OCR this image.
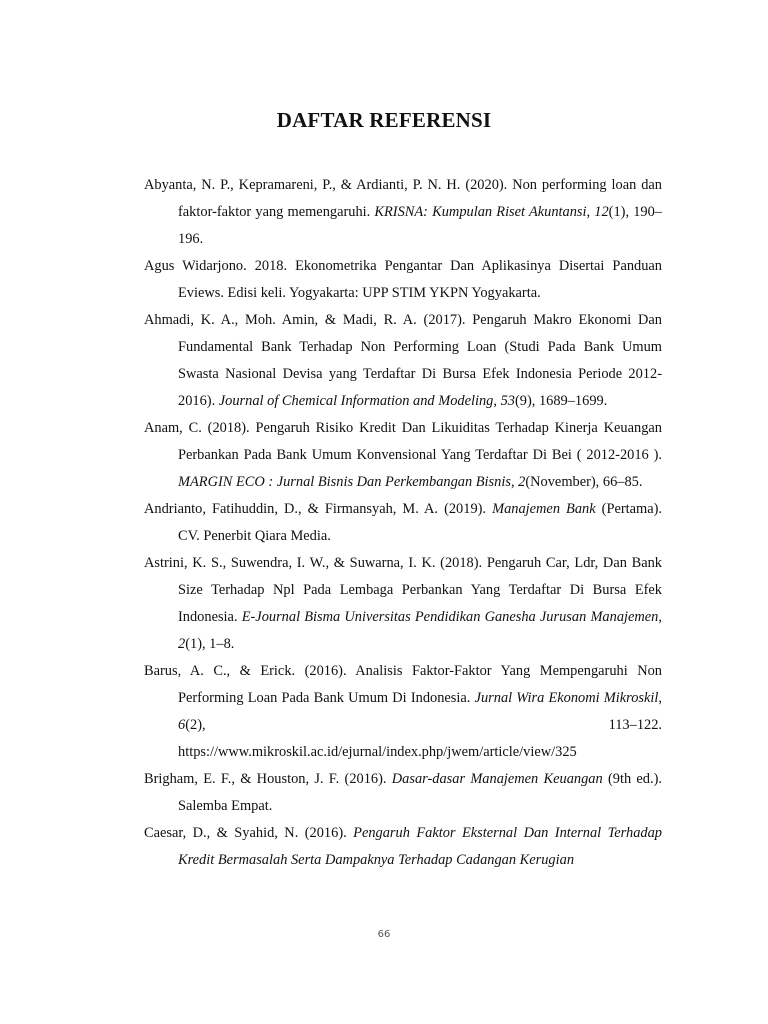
DAFTAR REFERENSI

Abyanta, N. P., Kepramareni, P., & Ardianti, P. N. H. (2020). Non performing loan dan faktor-faktor yang memengaruhi. KRISNA: Kumpulan Riset Akuntansi, 12(1), 190–196.

Agus Widarjono. 2018. Ekonometrika Pengantar Dan Aplikasinya Disertai Panduan Eviews. Edisi keli. Yogyakarta: UPP STIM YKPN Yogyakarta.

Ahmadi, K. A., Moh. Amin, & Madi, R. A. (2017). Pengaruh Makro Ekonomi Dan Fundamental Bank Terhadap Non Performing Loan (Studi Pada Bank Umum Swasta Nasional Devisa yang Terdaftar Di Bursa Efek Indonesia Periode 2012-2016). Journal of Chemical Information and Modeling, 53(9), 1689–1699.

Anam, C. (2018). Pengaruh Risiko Kredit Dan Likuiditas Terhadap Kinerja Keuangan Perbankan Pada Bank Umum Konvensional Yang Terdaftar Di Bei ( 2012-2016 ). MARGIN ECO : Jurnal Bisnis Dan Perkembangan Bisnis, 2(November), 66–85.

Andrianto, Fatihuddin, D., & Firmansyah, M. A. (2019). Manajemen Bank (Pertama). CV. Penerbit Qiara Media.

Astrini, K. S., Suwendra, I. W., & Suwarna, I. K. (2018). Pengaruh Car, Ldr, Dan Bank Size Terhadap Npl Pada Lembaga Perbankan Yang Terdaftar Di Bursa Efek Indonesia. E-Journal Bisma Universitas Pendidikan Ganesha Jurusan Manajemen, 2(1), 1–8.

Barus, A. C., & Erick. (2016). Analisis Faktor-Faktor Yang Mempengaruhi Non Performing Loan Pada Bank Umum Di Indonesia. Jurnal Wira Ekonomi Mikroskil, 6(2), 113–122. https://www.mikroskil.ac.id/ejurnal/index.php/jwem/article/view/325

Brigham, E. F., & Houston, J. F. (2016). Dasar-dasar Manajemen Keuangan (9th ed.). Salemba Empat.

Caesar, D., & Syahid, N. (2016). Pengaruh Faktor Eksternal Dan Internal Terhadap Kredit Bermasalah Serta Dampaknya Terhadap Cadangan Kerugian

66
